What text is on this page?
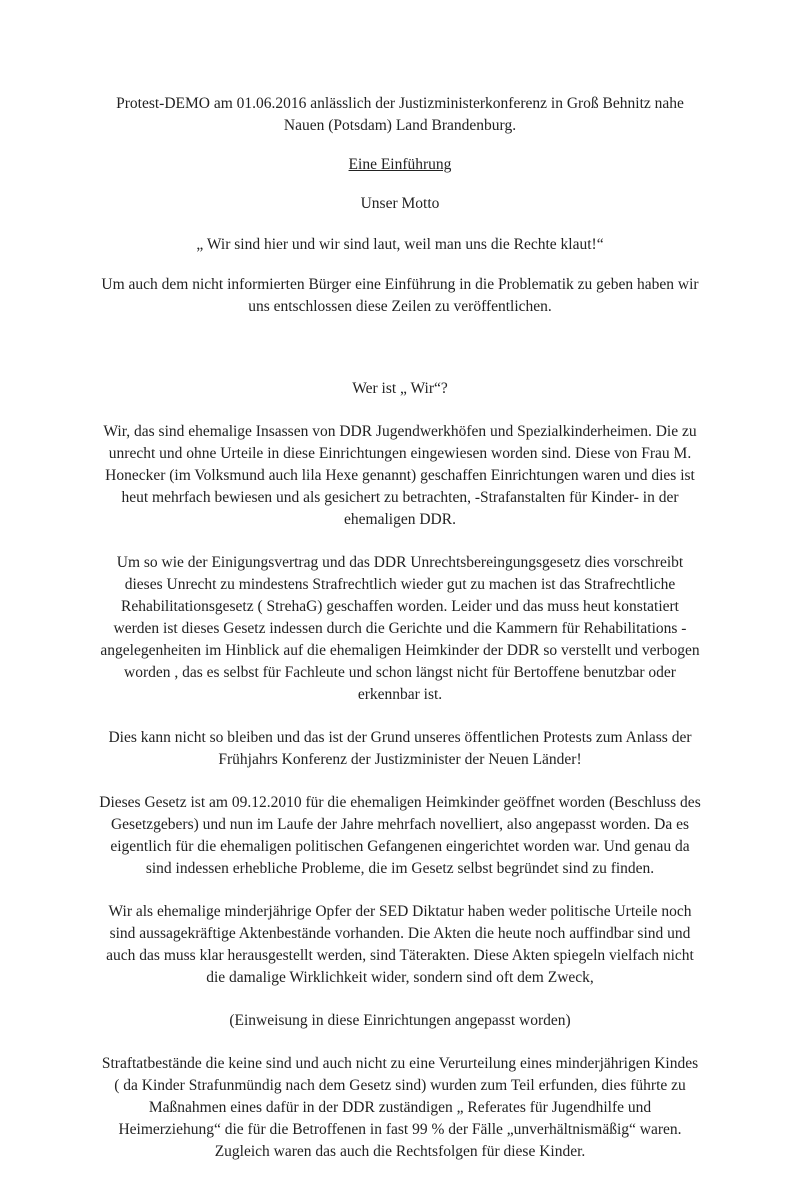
Protest-DEMO am 01.06.2016 anlässlich der Justizministerkonferenz in Groß Behnitz nahe
Nauen (Potsdam) Land Brandenburg.

Eine Einführung

Unser Motto

„ Wir sind hier und wir sind laut, weil man uns die Rechte klaut!“

Um auch dem nicht informierten Bürger eine Einführung in die Problematik zu geben haben wir
uns entschlossen diese Zeilen zu veröffentlichen.

Wer ist „ Wir“?

Wir, das sind ehemalige Insassen von DDR Jugendwerkhöfen und Spezialkinderheimen. Die zu
unrecht und ohne Urteile in diese Einrichtungen eingewiesen worden sind. Diese von Frau M.
Honecker (im Volksmund auch lila Hexe genannt) geschaffen Einrichtungen waren und dies ist
heut mehrfach bewiesen und als gesichert zu betrachten, -Strafanstalten für Kinder- in der
ehemaligen DDR.

Um so wie der Einigungsvertrag und das DDR Unrechtsbereingungsgesetz dies vorschreibt
dieses Unrecht zu mindestens Strafrechtlich wieder gut zu machen ist das Strafrechtliche
Rehabilitationsgesetz ( StrehaG) geschaffen worden. Leider und das muss heut konstatiert
werden ist dieses Gesetz indessen durch die Gerichte und die Kammern für Rehabilitations -
angelegenheiten im Hinblick auf die ehemaligen Heimkinder der DDR so verstellt und verbogen
worden , das es selbst für Fachleute und schon längst nicht für Bertoffene benutzbar oder
erkennbar ist.

Dies kann nicht so bleiben und das ist der Grund unseres öffentlichen Protests zum Anlass der
Frühjahrs Konferenz der Justizminister der Neuen Länder!

Dieses Gesetz ist am 09.12.2010 für die ehemaligen Heimkinder geöffnet worden (Beschluss des
Gesetzgebers) und nun im Laufe der Jahre mehrfach novelliert, also angepasst worden. Da es
eigentlich für die ehemaligen politischen Gefangenen eingerichtet worden war. Und genau da
sind indessen erhebliche Probleme, die im Gesetz selbst begründet sind zu finden.

Wir als ehemalige minderjährige Opfer der SED Diktatur haben weder politische Urteile noch
sind aussagekräftige Aktenbestände vorhanden. Die Akten die heute noch auffindbar sind und
auch das muss klar herausgestellt werden, sind Täterakten. Diese Akten spiegeln vielfach nicht
die damalige Wirklichkeit wider, sondern sind oft dem Zweck,

(Einweisung in diese Einrichtungen angepasst worden)

Straftatbestände die keine sind und auch nicht zu eine Verurteilung eines minderjährigen Kindes
( da Kinder Strafunmündig nach dem Gesetz sind) wurden zum Teil erfunden, dies führte zu
Maßnahmen eines dafür in der DDR zuständigen „ Referates für Jugendhilfe und
Heimerziehung“ die für die Betroffenen in fast 99 % der Fälle „unverhältnismäßig“ waren.
Zugleich waren das auch die Rechtsfolgen für diese Kinder.
